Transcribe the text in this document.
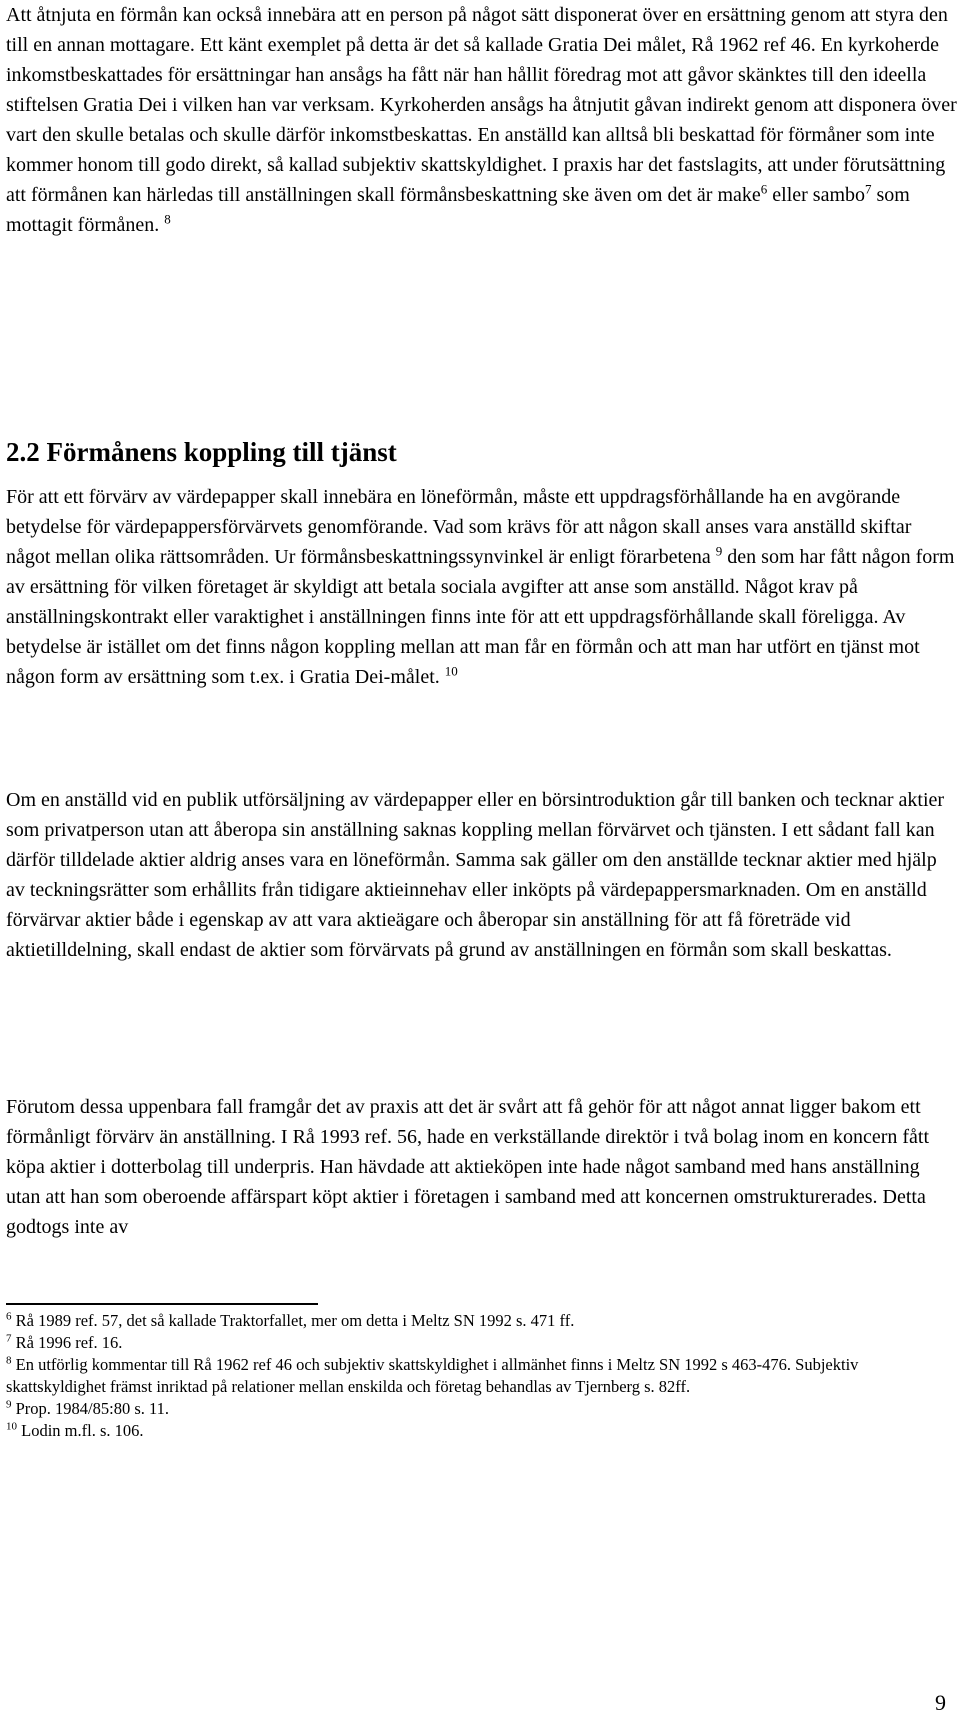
Att åtnjuta en förmån kan också innebära att en person på något sätt disponerat över en ersättning genom att styra den till en annan mottagare. Ett känt exemplet på detta är det så kallade Gratia Dei målet, Rå 1962 ref 46. En kyrkoherde inkomstbeskattades för ersättningar han ansågs ha fått när han hållit föredrag mot att gåvor skänktes till den ideella stiftelsen Gratia Dei i vilken han var verksam. Kyrkoherden ansågs ha åtnjutit gåvan indirekt genom att disponera över vart den skulle betalas och skulle därför inkomstbeskattas. En anställd kan alltså bli beskattad för förmåner som inte kommer honom till godo direkt, så kallad subjektiv skattskyldighet. I praxis har det fastslagits, att under förutsättning att förmånen kan härledas till anställningen skall förmånsbeskattning ske även om det är make$^6$ eller sambo$^7$ som mottagit förmånen. $^8$

2.2 Förmånens koppling till tjänst

För att ett förvärv av värdepapper skall innebära en löneförmån, måste ett uppdragsförhållande ha en avgörande betydelse för värdepappersförvärvets genomförande. Vad som krävs för att någon skall anses vara anställd skiftar något mellan olika rättsområden. Ur förmånsbeskattningssynvinkel är enligt förarbetena $^9$ den som har fått någon form av ersättning för vilken företaget är skyldigt att betala sociala avgifter att anse som anställd. Något krav på anställningskontrakt eller varaktighet i anställningen finns inte för att ett uppdragsförhållande skall föreligga. Av betydelse är istället om det finns någon koppling mellan att man får en förmån och att man har utfört en tjänst mot någon form av ersättning som t.ex. i Gratia Dei-målet. $^{10}$

Om en anställd vid en publik utförsäljning av värdepapper eller en börsintroduktion går till banken och tecknar aktier som privatperson utan att åberopa sin anställning saknas koppling mellan förvärvet och tjänsten. I ett sådant fall kan därför tilldelade aktier aldrig anses vara en löneförmån. Samma sak gäller om den anställde tecknar aktier med hjälp av teckningsrätter som erhållits från tidigare aktieinnehav eller inköpts på värdepappersmarknaden. Om en anställd förvärvar aktier både i egenskap av att vara aktieägare och åberopar sin anställning för att få företräde vid aktietilldelning, skall endast de aktier som förvärvats på grund av anställningen en förmån som skall beskattas.

Förutom dessa uppenbara fall framgår det av praxis att det är svårt att få gehör för att något annat ligger bakom ett förmånligt förvärv än anställning. I Rå 1993 ref. 56, hade en verkställande direktör i två bolag inom en koncern fått köpa aktier i dotterbolag till underpris. Han hävdade att aktieköpen inte hade något samband med hans anställning utan att han som oberoende affärspart köpt aktier i företagen i samband med att koncernen omstrukturerades. Detta godtogs inte av

$^6$ Rå 1989 ref. 57, det så kallade Traktorfallet, mer om detta i Meltz SN 1992 s. 471 ff.

$^7$ Rå 1996 ref. 16.

$^8$ En utförlig kommentar till Rå 1962 ref 46 och subjektiv skattskyldighet i allmänhet finns i Meltz SN 1992 s 463-476. Subjektiv skattskyldighet främst inriktad på relationer mellan enskilda och företag behandlas av Tjernberg s. 82ff.

$^9$ Prop. 1984/85:80 s. 11.

$^{10}$ Lodin m.fl. s. 106.

9
